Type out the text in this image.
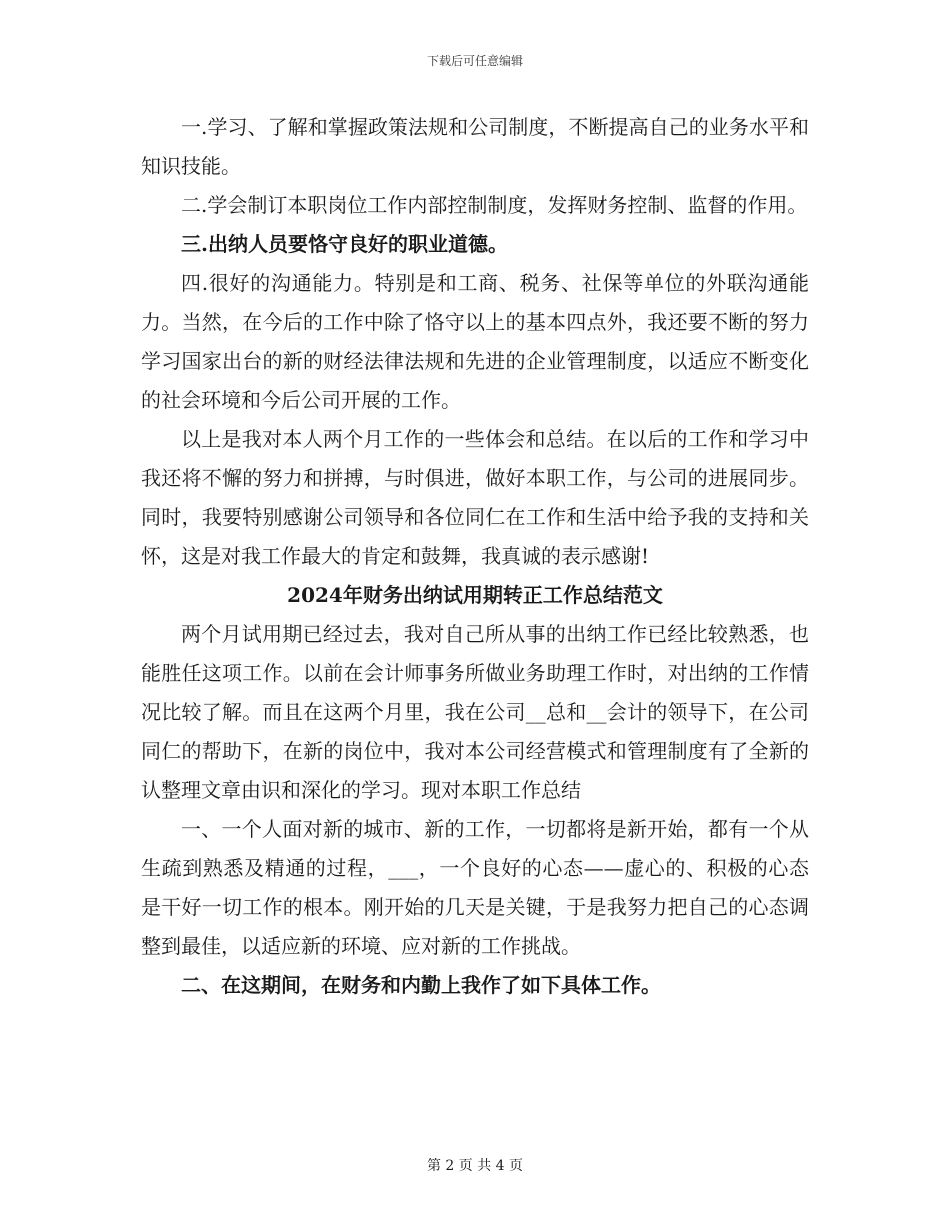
下载后可任意编辑

一.学习、了解和掌握政策法规和公司制度，不断提高自己的业务水平和知识技能。

二.学会制订本职岗位工作内部控制制度，发挥财务控制、监督的作用。

三.出纳人员要恪守良好的职业道德。

四.很好的沟通能力。特别是和工商、税务、社保等单位的外联沟通能力。当然，在今后的工作中除了恪守以上的基本四点外，我还要不断的努力学习国家出台的新的财经法律法规和先进的企业管理制度，以适应不断变化的社会环境和今后公司开展的工作。

以上是我对本人两个月工作的一些体会和总结。在以后的工作和学习中我还将不懈的努力和拼搏，与时俱进，做好本职工作，与公司的进展同步。同时，我要特别感谢公司领导和各位同仁在工作和生活中给予我的支持和关怀，这是对我工作最大的肯定和鼓舞，我真诚的表示感谢!

2024年财务出纳试用期转正工作总结范文

两个月试用期已经过去，我对自己所从事的出纳工作已经比较熟悉，也能胜任这项工作。以前在会计师事务所做业务助理工作时，对出纳的工作情况比较了解。而且在这两个月里，我在公司__总和__会计的领导下，在公司同仁的帮助下，在新的岗位中，我对本公司经营模式和管理制度有了全新的认整理文章由识和深化的学习。现对本职工作总结

一、一个人面对新的城市、新的工作，一切都将是新开始，都有一个从生疏到熟悉及精通的过程，___，一个良好的心态——虚心的、积极的心态是干好一切工作的根本。刚开始的几天是关键，于是我努力把自己的心态调整到最佳，以适应新的环境、应对新的工作挑战。

二、在这期间，在财务和内勤上我作了如下具体工作。

第 2 页 共 4 页
